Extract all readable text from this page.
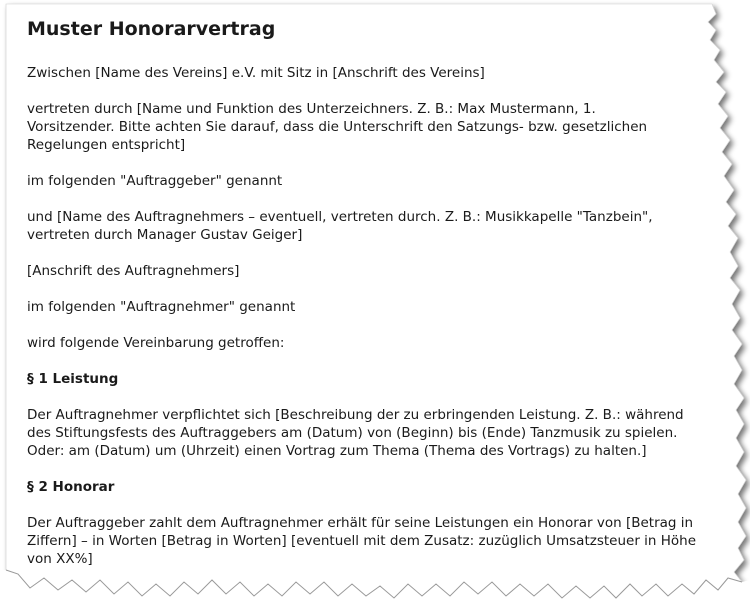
Muster Honorarvertrag

Zwischen [Name des Vereins] e.V. mit Sitz in [Anschrift des Vereins]

vertreten durch [Name und Funktion des Unterzeichners. Z. B.: Max Mustermann, 1. Vorsitzender. Bitte achten Sie darauf, dass die Unterschrift den Satzungs- bzw. gesetzlichen Regelungen entspricht]

im folgenden "Auftraggeber" genannt

und [Name des Auftragnehmers – eventuell, vertreten durch. Z. B.: Musikkapelle "Tanzbein", vertreten durch Manager Gustav Geiger]

[Anschrift des Auftragnehmers]

im folgenden "Auftragnehmer" genannt

wird folgende Vereinbarung getroffen:

§ 1 Leistung

Der Auftragnehmer verpflichtet sich [Beschreibung der zu erbringenden Leistung. Z. B.: während des Stiftungsfests des Auftraggebers am (Datum) von (Beginn) bis (Ende) Tanzmusik zu spielen. Oder: am (Datum) um (Uhrzeit) einen Vortrag zum Thema (Thema des Vortrags) zu halten.]

§ 2 Honorar

Der Auftraggeber zahlt dem Auftragnehmer erhält für seine Leistungen ein Honorar von [Betrag in Ziffern] – in Worten [Betrag in Worten] [eventuell mit dem Zusatz: zuzüglich Umsatzsteuer in Höhe von XX%]
